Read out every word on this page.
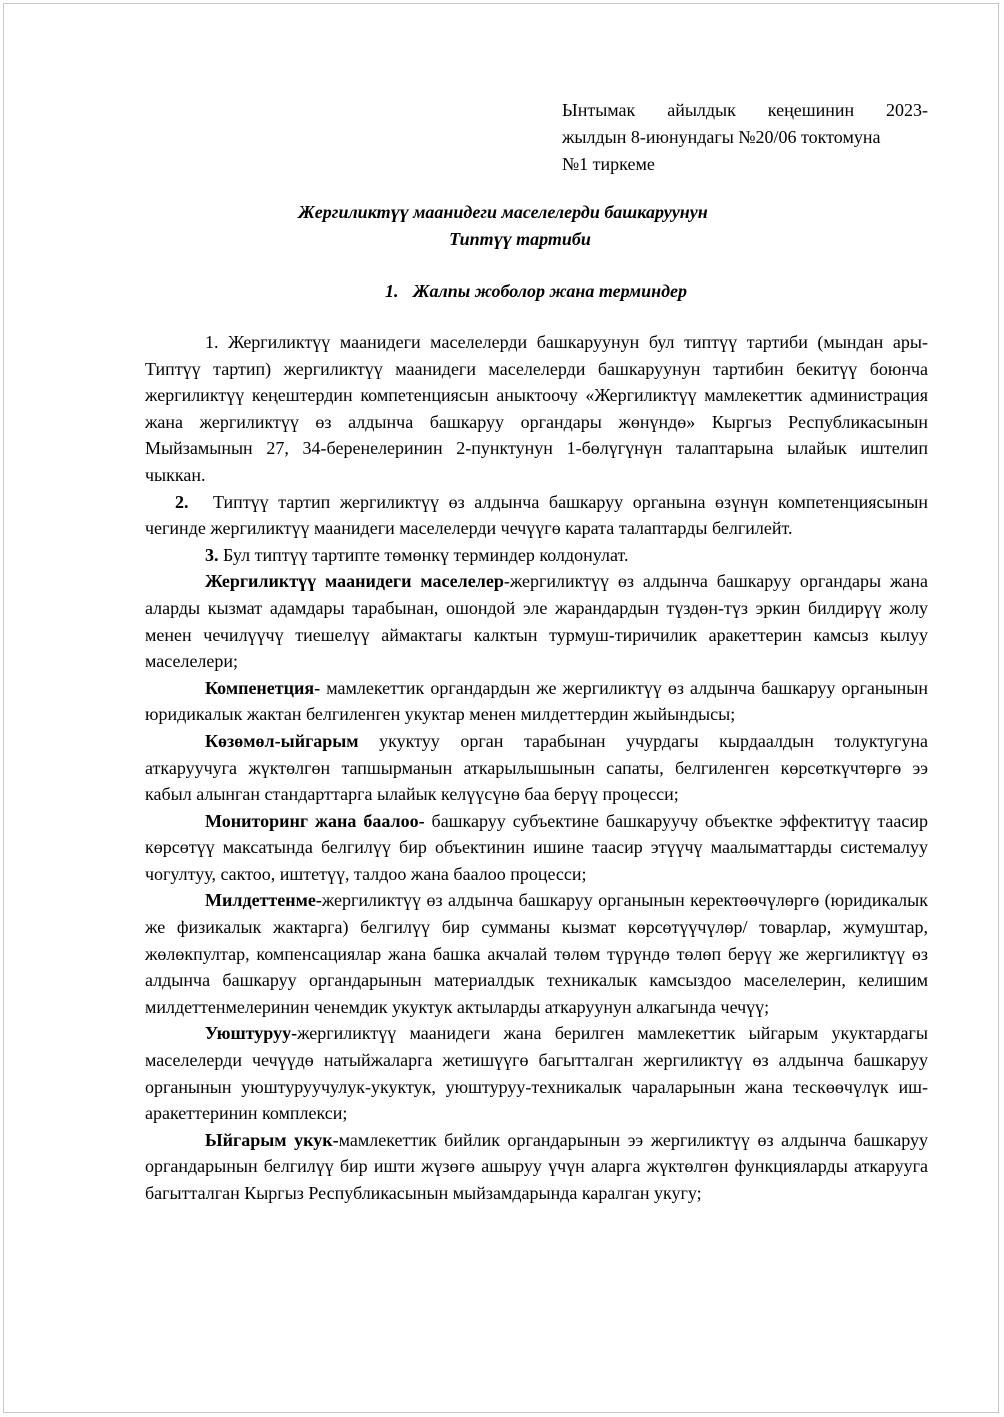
Ынтымак айылдык кеңешинин 2023-
жылдын 8-июнундагы №20/06 токтомуна
№1 тиркеме
Жергиликтүү маанидеги маселелерди башкаруунун
Типтүү тартиби
1. Жалпы жоболор жана терминдер

1. Жергиликтүү маанидеги маселелерди башкаруунун бул типтүү тартиби (мындан ары- Типтүү тартип) жергиликтүү маанидеги маселелерди башкаруунун тартибин бекитүү боюнча жергиликтүү кеңештердин компетенциясын аныктоочу «Жергиликтүү мамлекеттик администрация жана жергиликтүү өз алдынча башкаруу органдары жөнүндө» Кыргыз Республикасынын Мыйзамынын 27, 34-беренелеринин 2-пунктунун 1-бөлүгүнүн талаптарына ылайык иштелип чыккан.

2. Типтүү тартип жергиликтүү өз алдынча башкаруу органына өзүнүн компетенциясынын чегинде жергиликтүү маанидеги маселелерди чечүүгө карата талаптарды белгилейт.

3. Бул типтүү тартипте төмөнкү терминдер колдонулат.

Жергиликтүү маанидеги маселелер-жергиликтүү өз алдынча башкаруу органдары жана аларды кызмат адамдары тарабынан, ошондой эле жарандардын түздөн-түз эркин билдирүү жолу менен чечилүүчү тиешелүү аймактагы калктын турмуш-тиричилик аракеттерин камсыз кылуу маселелери;

Компенетция- мамлекеттик органдардын же жергиликтүү өз алдынча башкаруу органынын юридикалык жактан белгиленген укуктар менен милдеттердин жыйындысы;

Көзөмөл-ыйгарым укуктуу орган тарабынан учурдагы кырдаалдын толуктугуна аткаруучуга жүктөлгөн тапшырманын аткарылышынын сапаты, белгиленген көрсөткүчтөргө ээ кабыл алынган стандарттарга ылайык келүүсүнө баа берүү процесси;

Мониторинг жана баалоо- башкаруу субъектине башкаруучу объектке эффектитүү таасир көрсөтүү максатында белгилүү бир объектинин ишине таасир этүүчү маалыматтарды системалуу чогултуу, сактоо, иштетүү, талдоо жана баалоо процесси;

Милдеттенме-жергиликтүү өз алдынча башкаруу органынын керектөөчүлөргө (юридикалык же физикалык жактарга) белгилүү бир сумманы кызмат көрсөтүүчүлөр/ товарлар, жумуштар, жөлөкпултар, компенсациялар жана башка акчалай төлөм түрүндө төлөп берүү же жергиликтүү өз алдынча башкаруу органдарынын материалдык техникалык камсыздоо маселелерин, келишим милдеттенмелеринин ченемдик укуктук актыларды аткаруунун алкагында чечүү;

Уюштуруу-жергиликтүү маанидеги жана берилген мамлекеттик ыйгарым укуктардагы маселелерди чечүүдө натыйжаларга жетишүүгө багытталган жергиликтүү өз алдынча башкаруу органынын уюштуруучулук-укуктук, уюштуруу-техникалык чараларынын жана тескөөчүлүк иш-аракеттеринин комплекси;

Ыйгарым укук-мамлекеттик бийлик органдарынын ээ жергиликтүү өз алдынча башкаруу органдарынын белгилүү бир ишти жүзөгө ашыруу үчүн аларга жүктөлгөн функцияларды аткарууга багытталган Кыргыз Республикасынын мыйзамдарында каралган укугу;
